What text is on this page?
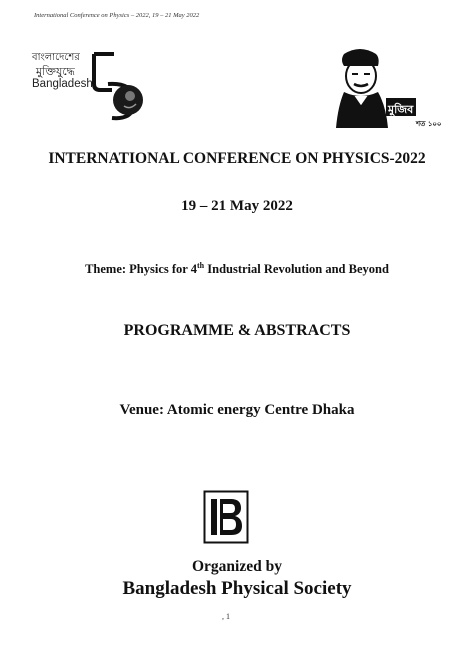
International Conference on Physics – 2022, 19 – 21 May 2022
বাংলাদেশের
মুক্তিযুদ্ধে
Bangladesh
মুজিব
শত ১০০
INTERNATIONAL CONFERENCE ON PHYSICS-2022
19 – 21 May 2022
Theme: Physics for 4th Industrial Revolution and Beyond
PROGRAMME & ABSTRACTS
Venue: Atomic energy Centre Dhaka
Organized by
Bangladesh Physical Society
, 1
